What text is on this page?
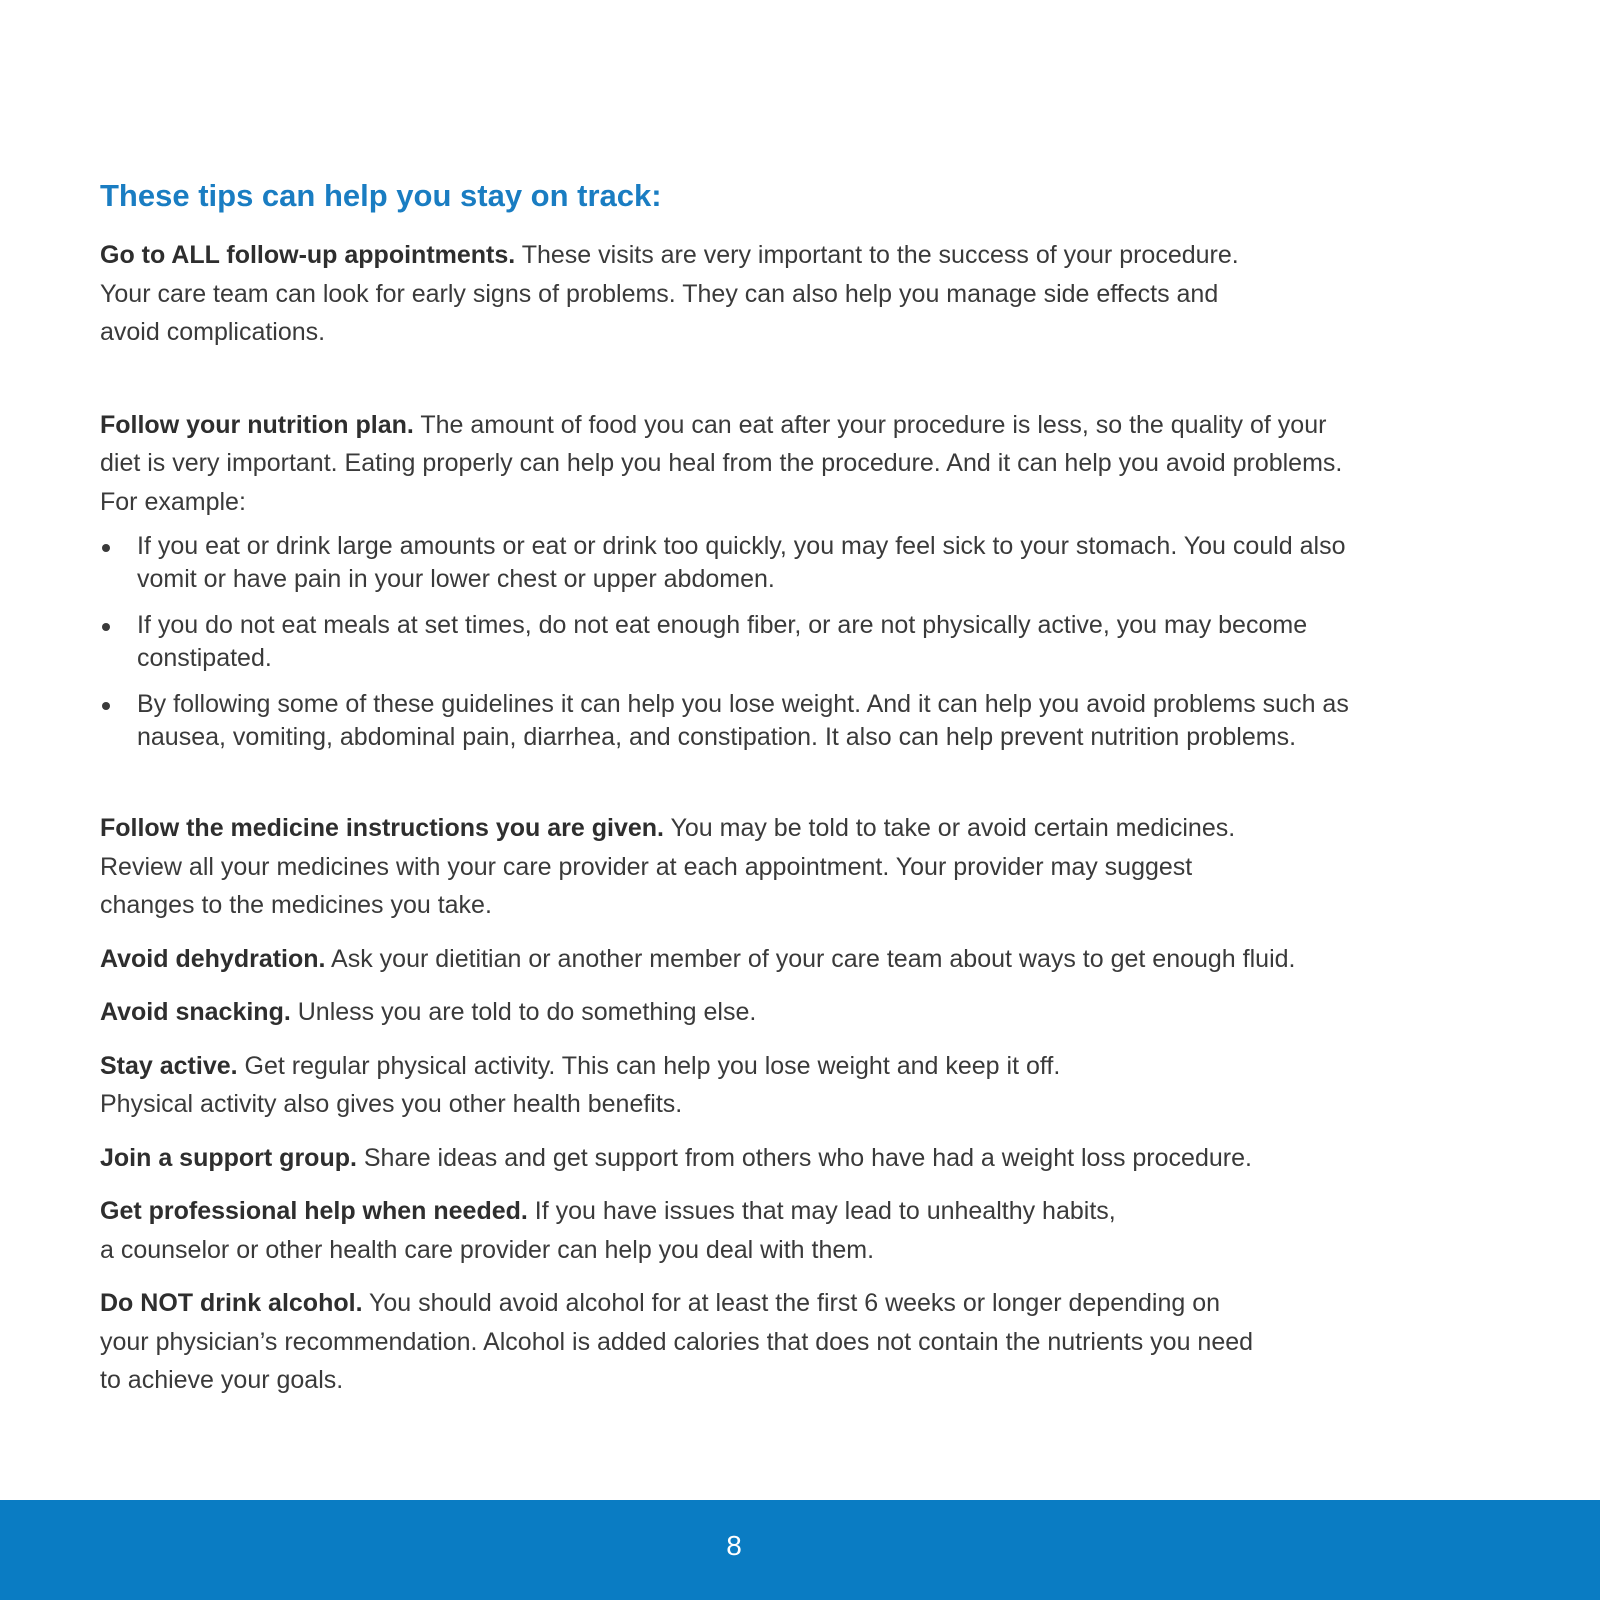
These tips can help you stay on track:

Go to ALL follow-up appointments. These visits are very important to the success of your procedure.
Your care team can look for early signs of problems. They can also help you manage side effects and
avoid complications.

Follow your nutrition plan. The amount of food you can eat after your procedure is less, so the quality of your
diet is very important. Eating properly can help you heal from the procedure. And it can help you avoid problems.
For example:

If you eat or drink large amounts or eat or drink too quickly, you may feel sick to your stomach. You could also
vomit or have pain in your lower chest or upper abdomen.
If you do not eat meals at set times, do not eat enough fiber, or are not physically active, you may become
constipated.
By following some of these guidelines it can help you lose weight. And it can help you avoid problems such as
nausea, vomiting, abdominal pain, diarrhea, and constipation. It also can help prevent nutrition problems.

Follow the medicine instructions you are given. You may be told to take or avoid certain medicines.
Review all your medicines with your care provider at each appointment. Your provider may suggest
changes to the medicines you take.

Avoid dehydration. Ask your dietitian or another member of your care team about ways to get enough fluid.

Avoid snacking. Unless you are told to do something else.

Stay active. Get regular physical activity. This can help you lose weight and keep it off.
Physical activity also gives you other health benefits.

Join a support group. Share ideas and get support from others who have had a weight loss procedure.

Get professional help when needed. If you have issues that may lead to unhealthy habits,
a counselor or other health care provider can help you deal with them.

Do NOT drink alcohol. You should avoid alcohol for at least the first 6 weeks or longer depending on
your physician’s recommendation. Alcohol is added calories that does not contain the nutrients you need
to achieve your goals.

8
